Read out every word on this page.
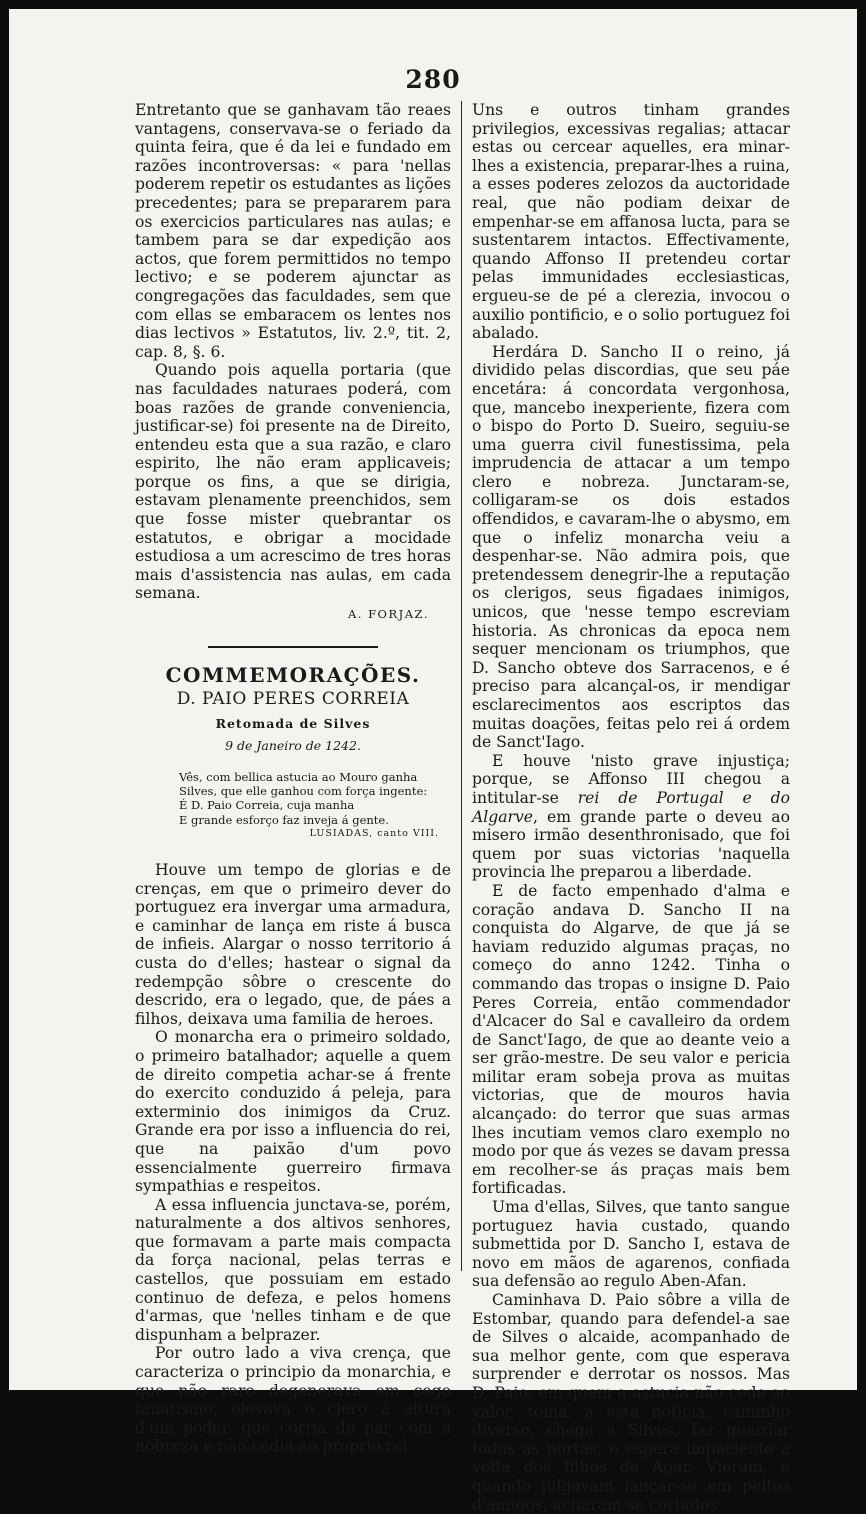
280

Entretanto que se ganhavam tão reaes vantagens, conservava-se o feriado da quinta feira, que é da lei e fundado em razões incontroversas: « para 'nellas poderem repetir os estudantes as lições precedentes; para se prepararem para os exercicios particulares nas aulas; e tambem para se dar expedição aos actos, que forem permittidos no tempo lectivo; e se poderem ajunctar as congregações das faculdades, sem que com ellas se embaracem os lentes nos dias lectivos » Estatutos, liv. 2.º, tit. 2, cap. 8, §. 6.

Quando pois aquella portaria (que nas faculdades naturaes poderá, com boas razões de grande conveniencia, justificar-se) foi presente na de Direito, entendeu esta que a sua razão, e claro espirito, lhe não eram applicaveis; porque os fins, a que se dirigia, estavam plenamente preenchidos, sem que fosse mister quebrantar os estatutos, e obrigar a mocidade estudiosa a um acrescimo de tres horas mais d'assistencia nas aulas, em cada semana.

A. FORJAZ.
COMMEMORAÇÕES.
D. PAIO PERES CORREIA
Retomada de Silves
9 de Janeiro de 1242.
Vês, com bellica astucia ao Mouro ganha
Silves, que elle ganhou com força ingente:
É D. Paio Correia, cuja manha
E grande esforço faz inveja á gente.
LUSIADAS, canto VIII.

Houve um tempo de glorias e de crenças, em que o primeiro dever do portuguez era invergar uma armadura, e caminhar de lança em riste á busca de infieis. Alargar o nosso territorio á custa do d'elles; hastear o signal da redempção sôbre o crescente do descrido, era o legado, que, de páes a filhos, deixava uma familia de heroes.

O monarcha era o primeiro soldado, o primeiro batalhador; aquelle a quem de direito competia achar-se á frente do exercito conduzido á peleja, para exterminio dos inimigos da Cruz. Grande era por isso a influencia do rei, que na paixão d'um povo essencialmente guerreiro firmava sympathias e respeitos.

A essa influencia junctava-se, porém, naturalmente a dos altivos senhores, que formavam a parte mais compacta da força nacional, pelas terras e castellos, que possuiam em estado continuo de defeza, e pelos homens d'armas, que 'nelles tinham e de que dispunham a belprazer.

Por outro lado a viva crença, que caracteriza o principio da monarchia, e que não raro degenerava em cego fanatismo, elevava o clero á altura d'um poder, que corria de par com a nobreza e não cedia ao proprio rei.

Uns e outros tinham grandes privilegios, excessivas regalias; attacar estas ou cercear aquelles, era minar-lhes a existencia, preparar-lhes a ruina, a esses poderes zelozos da auctoridade real, que não podiam deixar de empenhar-se em affanosa lucta, para se sustentarem intactos. Effectivamente, quando Affonso II pretendeu cortar pelas immunidades ecclesiasticas, ergueu-se de pé a clerezia, invocou o auxilio pontificio, e o solio portuguez foi abalado.

Herdára D. Sancho II o reino, já dividido pelas discordias, que seu páe encetára: á concordata vergonhosa, que, mancebo inexperiente, fizera com o bispo do Porto D. Sueiro, seguiu-se uma guerra civil funestissima, pela imprudencia de attacar a um tempo clero e nobreza. Junctaram-se, colligaram-se os dois estados offendidos, e cavaram-lhe o abysmo, em que o infeliz monarcha veiu a despenhar-se. Não admira pois, que pretendessem denegrir-lhe a reputação os clerigos, seus figadaes inimigos, unicos, que 'nesse tempo escreviam historia. As chronicas da epoca nem sequer mencionam os triumphos, que D. Sancho obteve dos Sarracenos, e é preciso para alcançal-os, ir mendigar esclarecimentos aos escriptos das muitas doações, feitas pelo rei á ordem de Sanct'Iago.

E houve 'nisto grave injustiça; porque, se Affonso III chegou a intitular-se rei de Portugal e do Algarve, em grande parte o deveu ao misero irmão desenthronisado, que foi quem por suas victorias 'naquella provincia lhe preparou a liberdade.

E de facto empenhado d'alma e coração andava D. Sancho II na conquista do Algarve, de que já se haviam reduzido algumas praças, no começo do anno 1242. Tinha o commando das tropas o insigne D. Paio Peres Correia, então commendador d'Alcacer do Sal e cavalleiro da ordem de Sanct'Iago, de que ao deante veio a ser grão-mestre. De seu valor e pericia militar eram sobeja prova as muitas victorias, que de mouros havia alcançado: do terror que suas armas lhes incutiam vemos claro exemplo no modo por que ás vezes se davam pressa em recolher-se ás praças mais bem fortificadas.

Uma d'ellas, Silves, que tanto sangue portuguez havia custado, quando submettida por D. Sancho I, estava de novo em mãos de agarenos, confiada sua defensão ao regulo Aben-Afan.

Caminhava D. Paio sôbre a villa de Estombar, quando para defendel-a sae de Silves o alcaide, acompanhado de sua melhor gente, com que esperava surprender e derrotar os nossos. Mas D. Paio, em quem a astucia não cede ao valor, toma, a esta noticia, caminho diverso, chega a Silves, faz guardar todas as portas, e espera impaciente a volta dos filhos de Agar. Vieram, e quando julgavam lançar-se em peitos d'amigos, acharam-se cortados
